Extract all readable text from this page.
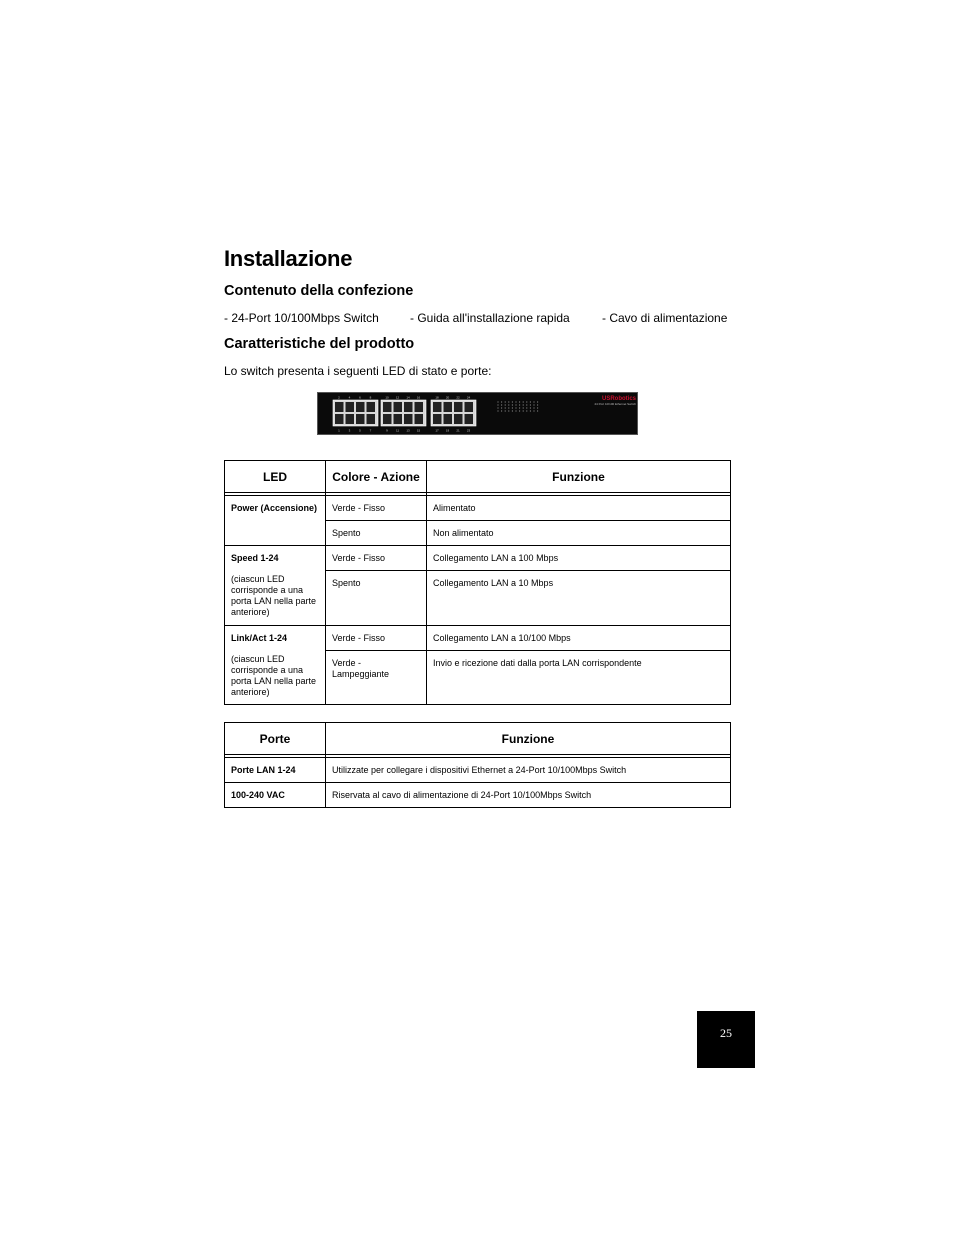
Installazione
Contenuto della confezione
- 24-Port 10/100Mbps Switch	- Guida all'installazione rapida	- Cavo di alimentazione
Caratteristiche del prodotto

Lo switch presenta i seguenti LED di stato e porte:

2
1
4
3
6
5
8
7
10
9
12
11
14
13
16
15
18
17
20
19
22
21
24
23
USRobotics
24 Port 10/100 Ethernet Switch
LED	Colore - Azione	Funzione

Power (Accensione)	Verde - Fisso	Alimentato
	Spento	Non alimentato
Speed 1-24
(ciascun LED corrisponde a una porta LAN nella parte anteriore)	Verde - Fisso	Collegamento LAN a 100 Mbps
	Spento	Collegamento LAN a 10 Mbps
Link/Act 1-24
(ciascun LED corrisponde a una porta LAN nella parte anteriore)	Verde - Fisso	Collegamento LAN a 10/100 Mbps
	Verde - Lampeggiante	Invio e ricezione dati dalla porta LAN corrispondente
Porte	Funzione

Porte LAN 1-24	Utilizzate per collegare i dispositivi Ethernet a 24-Port 10/100Mbps Switch
100-240 VAC	Riservata al cavo di alimentazione di 24-Port 10/100Mbps Switch
25
